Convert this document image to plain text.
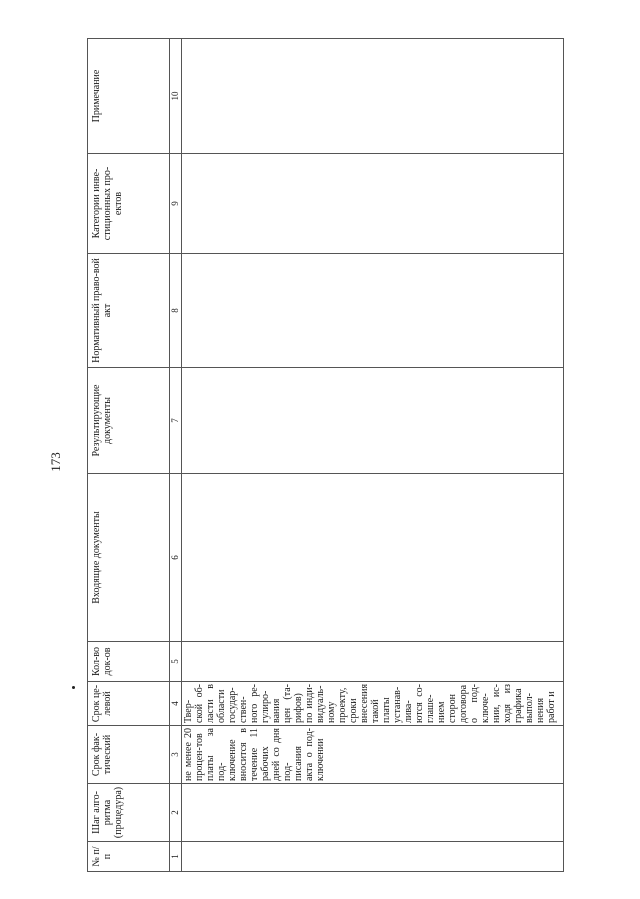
173
№ п/п	Шаг алго-ритма (процедура)	Срок фак-тический	Срок це-левой	Кол-во док-ов	Входящие документы	Результирующие документы	Нормативный право-вой акт	Категории инве-стиционных про-ектов	Примечание
1	2	3	4	5	6	7	8	9	10

		не менее 20 процен-тов платы за под-ключение вносится в течение 11 рабочих дней со дня под-писания акта о под-ключении	Твер-ской об-ласти в области государ-ствен-ного ре-гулиро-вания цен (та-рифов) по инди-видуаль-ному проекту, сроки внесения такой платы устанав-лива-ются со-глаше-нием сторон договора о под-ключе-нии, ис-ходя из графика выпол-нения работ и						
